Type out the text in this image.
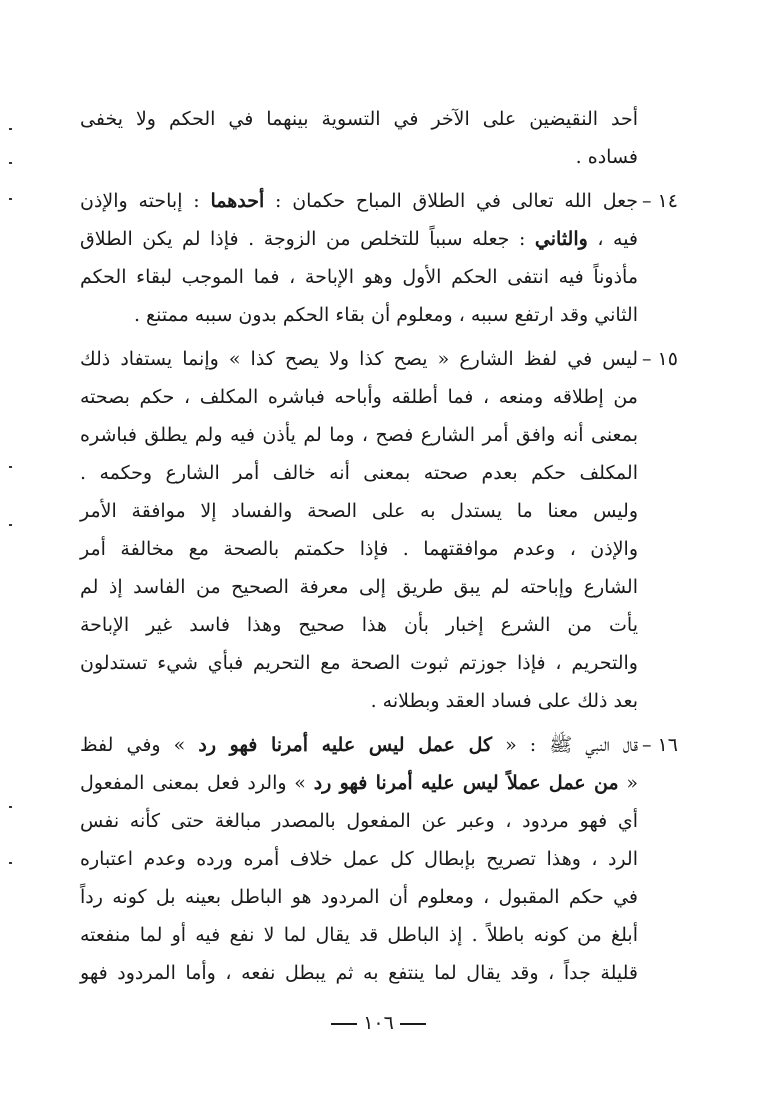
أحد النقيضين على الآخر في التسوية بينهما في الحكم ولا يخفى
فساده .
١٤ –
جعل الله تعالى في الطلاق المباح حكمان : أحدهما : إباحته والإذن
فيه ، والثاني : جعله سبباً للتخلص من الزوجة . فإذا لم يكن الطلاق
مأذوناً فيه انتفى الحكم الأول وهو الإباحة ، فما الموجب لبقاء الحكم
الثاني وقد ارتفع سببه ، ومعلوم أن بقاء الحكم بدون سببه ممتنع .
١٥ –
ليس في لفظ الشارع « يصح كذا ولا يصح كذا » وإنما يستفاد ذلك
من إطلاقه ومنعه ، فما أطلقه وأباحه فباشره المكلف ، حكم بصحته
بمعنى أنه وافق أمر الشارع فصح ، وما لم يأذن فيه ولم يطلق فباشره
المكلف حكم بعدم صحته بمعنى أنه خالف أمر الشارع وحكمه .
وليس معنا ما يستدل به على الصحة والفساد إلا موافقة الأمر
والإذن ، وعدم موافقتهما . فإذا حكمتم بالصحة مع مخالفة أمر
الشارع وإباحته لم يبق طريق إلى معرفة الصحيح من الفاسد إذ لم
يأت من الشرع إخبار بأن هذا صحيح وهذا فاسد غير الإباحة
والتحريم ، فإذا جوزتم ثبوت الصحة مع التحريم فبأي شيء تستدلون
بعد ذلك على فساد العقد وبطلانه .
١٦ –
قال النبي ﷺ : « كل عمل ليس عليه أمرنا فهو رد » وفي لفظ
« من عمل عملاً ليس عليه أمرنا فهو رد » والرد فعل بمعنى المفعول
أي فهو مردود ، وعبر عن المفعول بالمصدر مبالغة حتى كأنه نفس
الرد ، وهذا تصريح بإبطال كل عمل خلاف أمره ورده وعدم اعتباره
في حكم المقبول ، ومعلوم أن المردود هو الباطل بعينه بل كونه رداً
أبلغ من كونه باطلاً . إذ الباطل قد يقال لما لا نفع فيه أو لما منفعته
قليلة جداً ، وقد يقال لما ينتفع به ثم يبطل نفعه ، وأما المردود فهو
١٠٦
